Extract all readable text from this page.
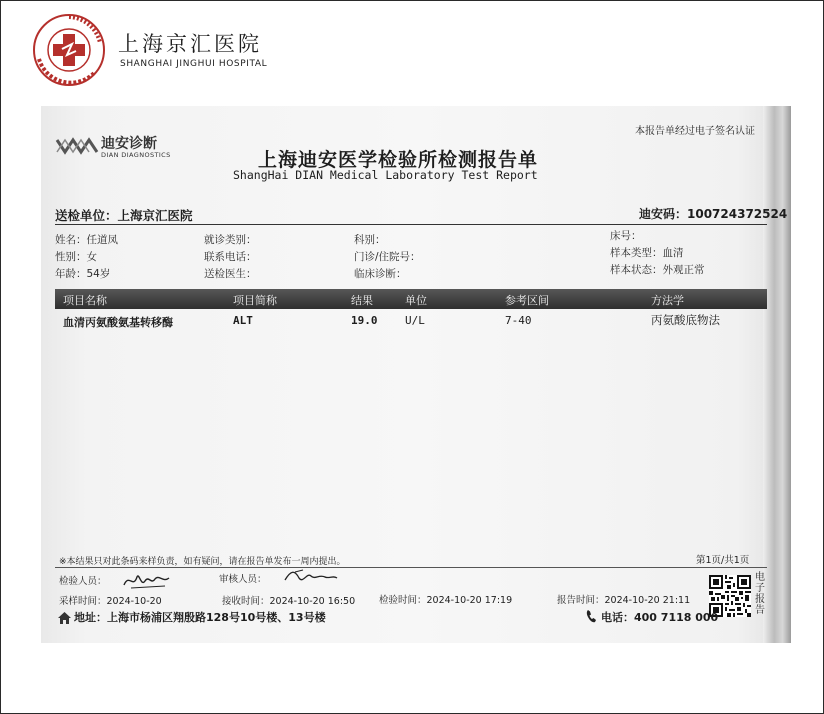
上海京汇医院
SHANGHAI JINGHUI HOSPITAL
迪安诊断
DIAN DIAGNOSTICS
本报告单经过电子签名认证
上海迪安医学检验所检测报告单
ShangHai DIAN Medical Laboratory Test Report
送检单位：上海京汇医院	迪安码：100724372524
姓名：任道凤
性别：女
年龄：54岁
就诊类别：
联系电话：
送检医生：
科别：
门诊/住院号：
临床诊断：
床号：
样本类型：血清
样本状态：外观正常
项目名称	项目简称	结果	单位	参考区间	方法学
血清丙氨酸氨基转移酶	ALT	19.0	U/L	7-40	丙氨酸底物法
※本结果只对此条码来样负责，如有疑问，请在报告单发布一周内提出。	第1页/共1页
检验人员：	审核人员：
采样时间：2024-10-20	接收时间：2024-10-20 16:50	检验时间：2024-10-20 17:19	报告时间：2024-10-20 21:11
电子报告
地址：上海市杨浦区翔殷路128号10号楼、13号楼	电话：400 7118 000
